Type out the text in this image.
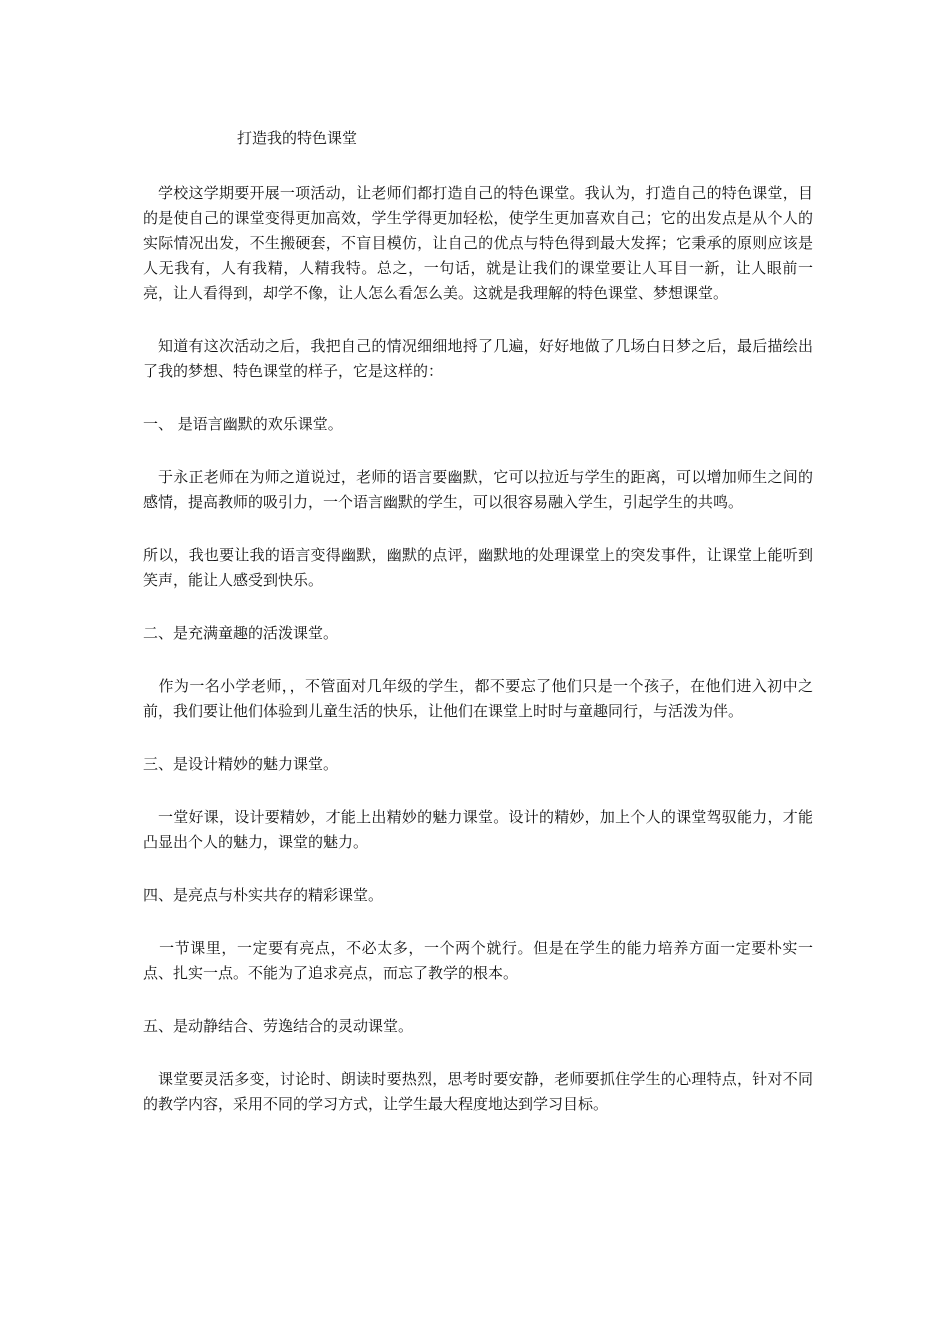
打造我的特色课堂

学校这学期要开展一项活动，让老师们都打造自己的特色课堂。我认为，打造自己的特色课堂，目的是使自己的课堂变得更加高效，学生学得更加轻松，使学生更加喜欢自己；它的出发点是从个人的实际情况出发，不生搬硬套，不盲目模仿，让自己的优点与特色得到最大发挥；它秉承的原则应该是人无我有，人有我精，人精我特。总之，一句话，就是让我们的课堂要让人耳目一新，让人眼前一亮，让人看得到，却学不像，让人怎么看怎么美。这就是我理解的特色课堂、梦想课堂。

知道有这次活动之后，我把自己的情况细细地捋了几遍，好好地做了几场白日梦之后，最后描绘出了我的梦想、特色课堂的样子，它是这样的：

一、 是语言幽默的欢乐课堂。

于永正老师在为师之道说过，老师的语言要幽默，它可以拉近与学生的距离，可以增加师生之间的感情，提高教师的吸引力，一个语言幽默的学生，可以很容易融入学生，引起学生的共鸣。

所以，我也要让我的语言变得幽默，幽默的点评，幽默地的处理课堂上的突发事件，让课堂上能听到笑声，能让人感受到快乐。

二、是充满童趣的活泼课堂。

作为一名小学老师，，不管面对几年级的学生，都不要忘了他们只是一个孩子，在他们进入初中之前，我们要让他们体验到儿童生活的快乐，让他们在课堂上时时与童趣同行，与活泼为伴。

三、是设计精妙的魅力课堂。

一堂好课，设计要精妙，才能上出精妙的魅力课堂。设计的精妙，加上个人的课堂驾驭能力，才能凸显出个人的魅力，课堂的魅力。

四、是亮点与朴实共存的精彩课堂。

一节课里，一定要有亮点，不必太多，一个两个就行。但是在学生的能力培养方面一定要朴实一点、扎实一点。不能为了追求亮点，而忘了教学的根本。

五、是动静结合、劳逸结合的灵动课堂。

课堂要灵活多变，讨论时、朗读时要热烈，思考时要安静，老师要抓住学生的心理特点，针对不同的教学内容，采用不同的学习方式，让学生最大程度地达到学习目标。
